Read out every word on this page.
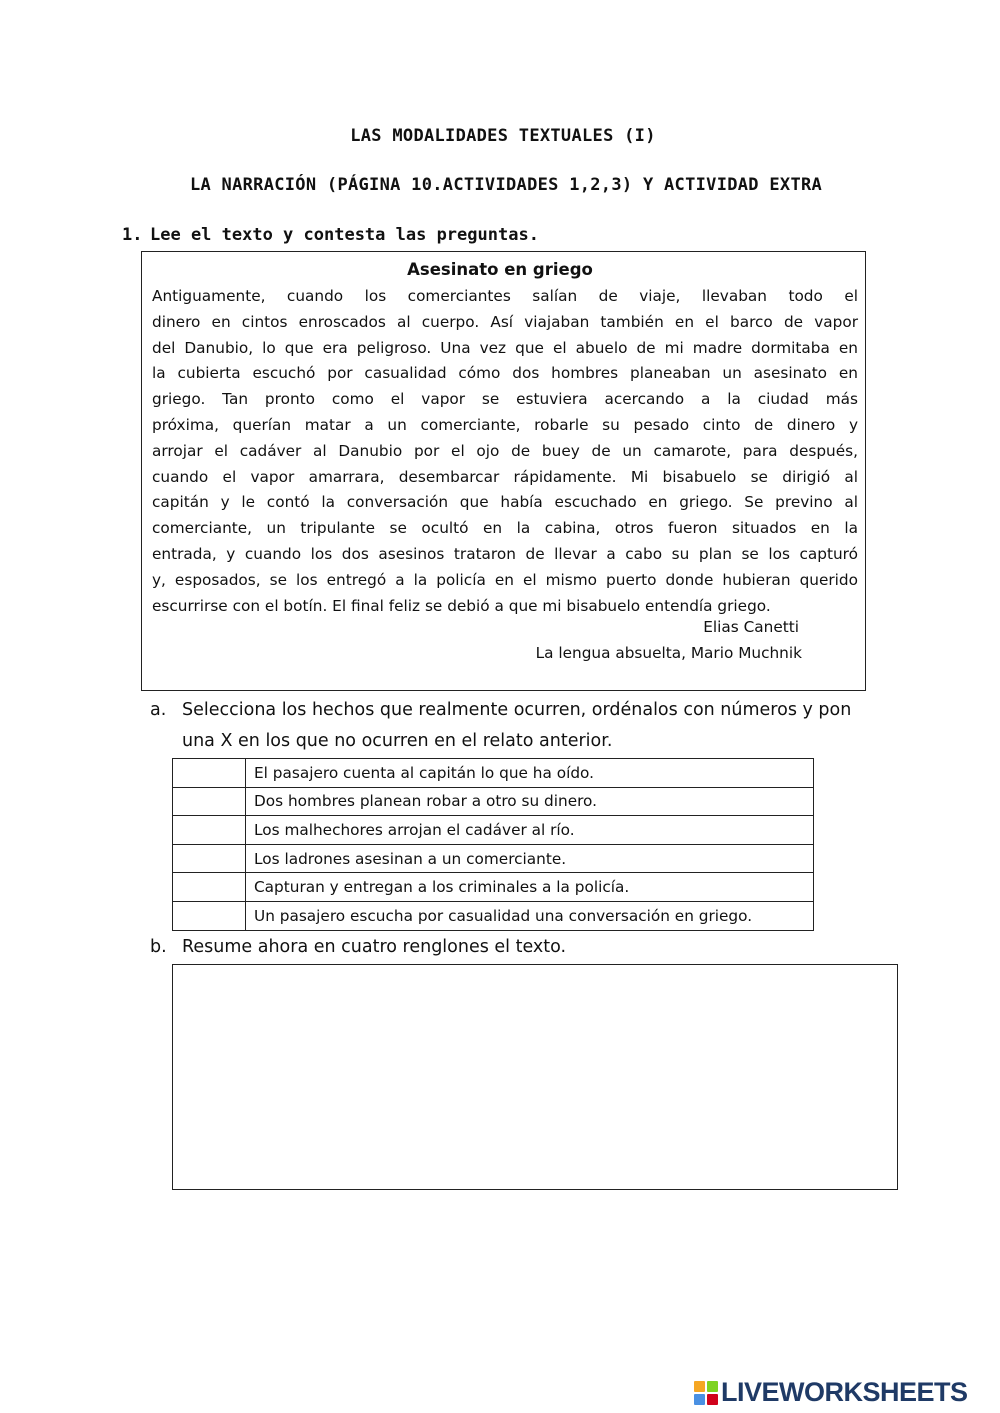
LAS MODALIDADES TEXTUALES (I)
LA NARRACIÓN (PÁGINA 10.ACTIVIDADES 1,2,3) Y ACTIVIDAD EXTRA
1. Lee el texto y contesta las preguntas.
Asesinato en griego
Antiguamente, cuando los comerciantes salían de viaje, llevaban todo el
dinero en cintos enroscados al cuerpo. Así viajaban también en el barco de vapor
del Danubio, lo que era peligroso. Una vez que el abuelo de mi madre dormitaba en
la cubierta escuchó por casualidad cómo dos hombres planeaban un asesinato en
griego. Tan pronto como el vapor se estuviera acercando a la ciudad más
próxima, querían matar a un comerciante, robarle su pesado cinto de dinero y
arrojar el cadáver al Danubio por el ojo de buey de un camarote, para después,
cuando el vapor amarrara, desembarcar rápidamente. Mi bisabuelo se dirigió al
capitán y le contó la conversación que había escuchado en griego. Se previno al
comerciante, un tripulante se ocultó en la cabina, otros fueron situados en la
entrada, y cuando los dos asesinos trataron de llevar a cabo su plan se los capturó
y, esposados, se los entregó a la policía en el mismo puerto donde hubieran querido
escurrirse con el botín. El final feliz se debió a que mi bisabuelo entendía griego.
Elias Canetti
La lengua absuelta, Mario Muchnik
a. Selecciona los hechos que realmente ocurren, ordénalos con números y pon
una X en los que no ocurren en el relato anterior.
	El pasajero cuenta al capitán lo que ha oído.
	Dos hombres planean robar a otro su dinero.
	Los malhechores arrojan el cadáver al río.
	Los ladrones asesinan a un comerciante.
	Capturan y entregan a los criminales a la policía.
	Un pasajero escucha por casualidad una conversación en griego.
b. Resume ahora en cuatro renglones el texto.
LIVEWORKSHEETS
